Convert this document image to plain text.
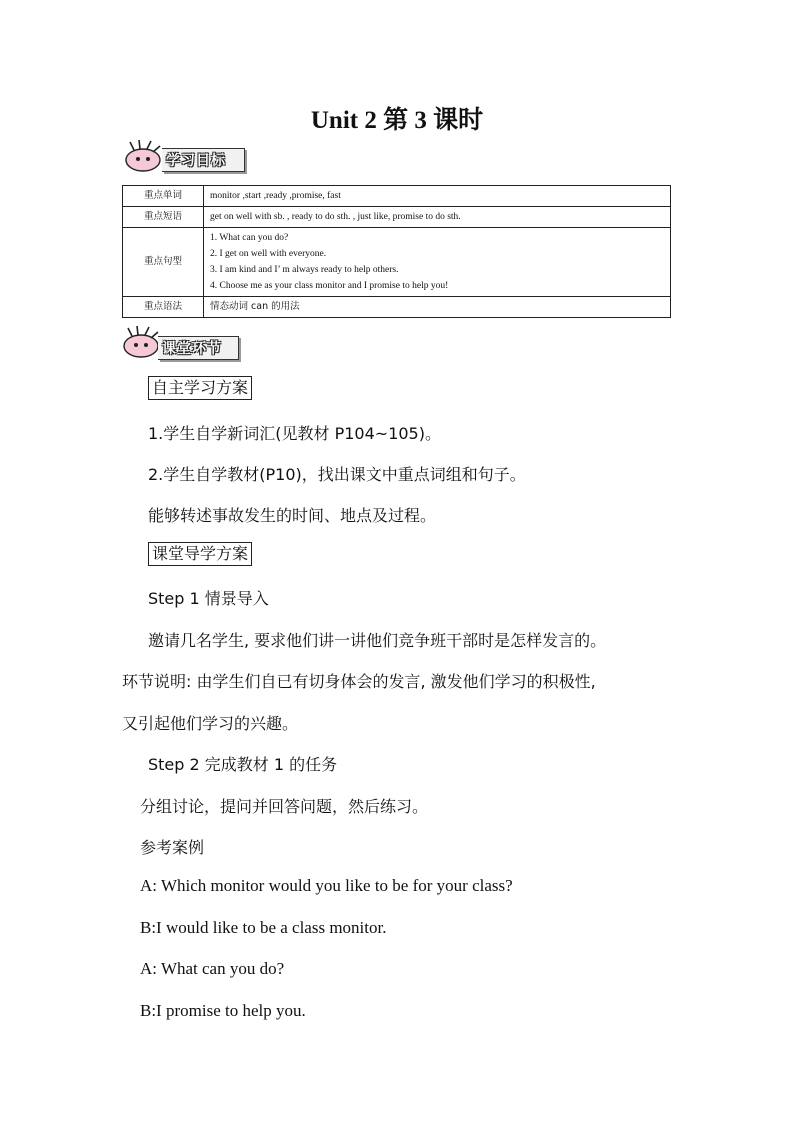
Unit 2 第 3 课时
学习目标
重点单词	monitor ,start ,ready ,promise, fast
重点短语	get on well with sb. , ready to do sth. , just like, promise to do sth.
重点句型	1. What can you do?
2. I get on well with everyone.
3. I am kind and I’ m always ready to help others.
4. Choose me as your class monitor and I promise to help you!

重点语法	情态动词 can 的用法
课堂环节
自主学习方案
1.学生自学新词汇(见教材 P104~105)。
2.学生自学教材(P10)，找出课文中重点词组和句子。
能够转述事故发生的时间、地点及过程。
课堂导学方案
Step 1 情景导入
邀请几名学生, 要求他们讲一讲他们竞争班干部时是怎样发言的。
环节说明: 由学生们自已有切身体会的发言, 激发他们学习的积极性,
又引起他们学习的兴趣。
Step 2 完成教材 1 的任务
分组讨论，提问并回答问题，然后练习。
参考案例
A: Which monitor would you like to be for your class?
B:I would like to be a class monitor.
A: What can you do?
B:I promise to help you.
